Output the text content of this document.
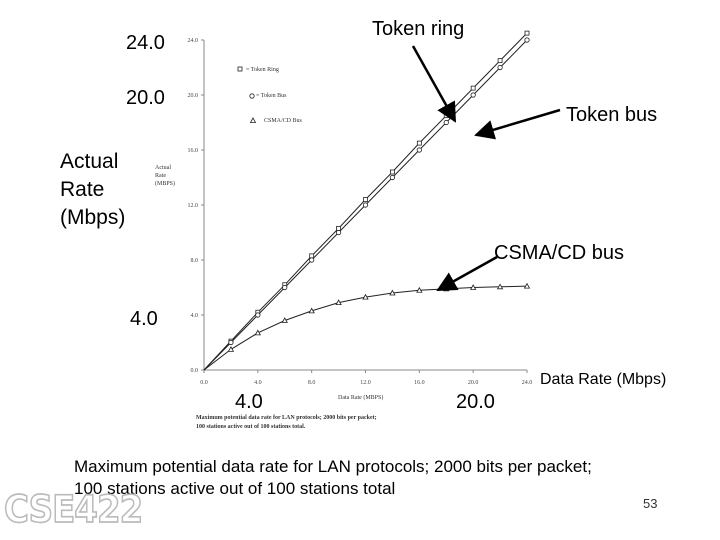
0.0
4.0
8.0
12.0
16.0
20.0
24.0
0.0	4.0	8.0	12.0	16.0	20.0	24.0
24.0
20.0
4.0
Actual
Rate
(Mbps)
4.0	20.0
Data Rate (Mbps)
Token ring
Token bus
CSMA/CD bus
= Token Ring
= Token Bus
CSMA/CD Bus
Actual
Rate
(MBPS)
Data Rate (MBPS)
Maximum potential data rate for LAN protocols; 2000 bits per packet;
100 stations active out of 100 stations total.
Maximum potential data rate for LAN protocols; 2000 bits per packet;
100 stations active out of 100 stations total
53
CSE422
